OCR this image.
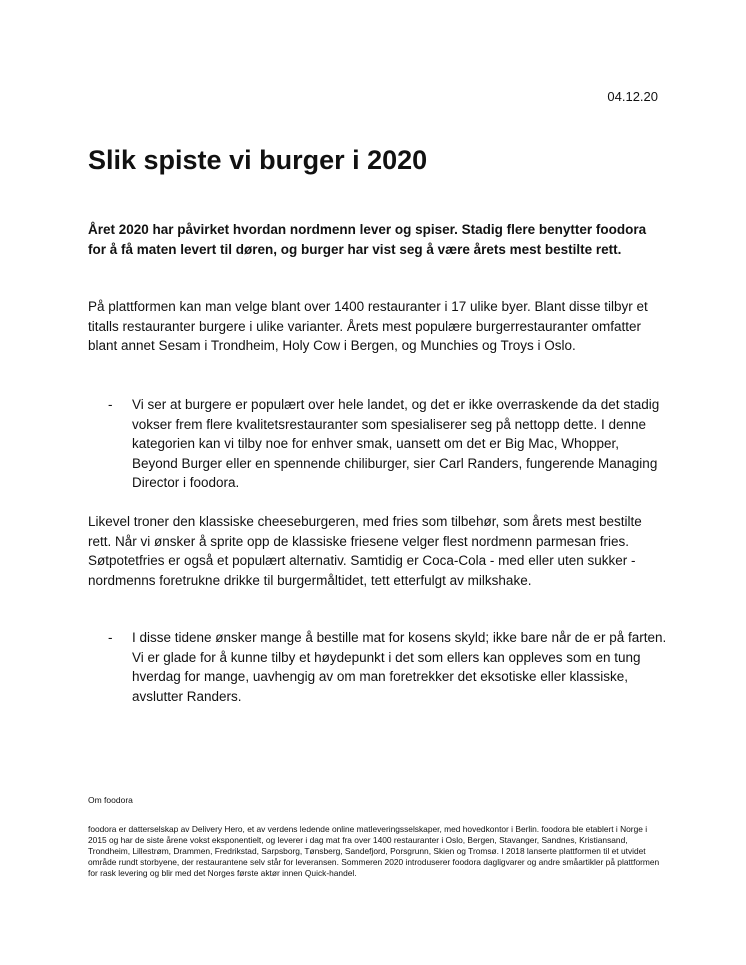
04.12.20
Slik spiste vi burger i 2020

Året 2020 har påvirket hvordan nordmenn lever og spiser. Stadig flere benytter foodora for å få maten levert til døren, og burger har vist seg å være årets mest bestilte rett.

På plattformen kan man velge blant over 1400 restauranter i 17 ulike byer. Blant disse tilbyr et titalls restauranter burgere i ulike varianter. Årets mest populære burgerrestauranter omfatter blant annet Sesam i Trondheim, Holy Cow i Bergen, og Munchies og Troys i Oslo.

- Vi ser at burgere er populært over hele landet, og det er ikke overraskende da det stadig vokser frem flere kvalitetsrestauranter som spesialiserer seg på nettopp dette. I denne kategorien kan vi tilby noe for enhver smak, uansett om det er Big Mac, Whopper, Beyond Burger eller en spennende chiliburger, sier Carl Randers, fungerende Managing Director i foodora.

Likevel troner den klassiske cheeseburgeren, med fries som tilbehør, som årets mest bestilte rett. Når vi ønsker å sprite opp de klassiske friesene velger flest nordmenn parmesan fries. Søtpotetfries er også et populært alternativ. Samtidig er Coca-Cola - med eller uten sukker - nordmenns foretrukne drikke til burgermåltidet, tett etterfulgt av milkshake.

- I disse tidene ønsker mange å bestille mat for kosens skyld; ikke bare når de er på farten. Vi er glade for å kunne tilby et høydepunkt i det som ellers kan oppleves som en tung hverdag for mange, uavhengig av om man foretrekker det eksotiske eller klassiske, avslutter Randers.

Om foodora

foodora er datterselskap av Delivery Hero, et av verdens ledende online matleveringsselskaper, med hovedkontor i Berlin. foodora ble etablert i Norge i 2015 og har de siste årene vokst eksponentielt, og leverer i dag mat fra over 1400 restauranter i Oslo, Bergen, Stavanger, Sandnes, Kristiansand, Trondheim, Lillestrøm, Drammen, Fredrikstad, Sarpsborg, Tønsberg, Sandefjord, Porsgrunn, Skien og Tromsø. I 2018 lanserte plattformen til et utvidet område rundt storbyene, der restaurantene selv står for leveransen. Sommeren 2020 introduserer foodora dagligvarer og andre småartikler på plattformen for rask levering og blir med det Norges første aktør innen Quick-handel.
